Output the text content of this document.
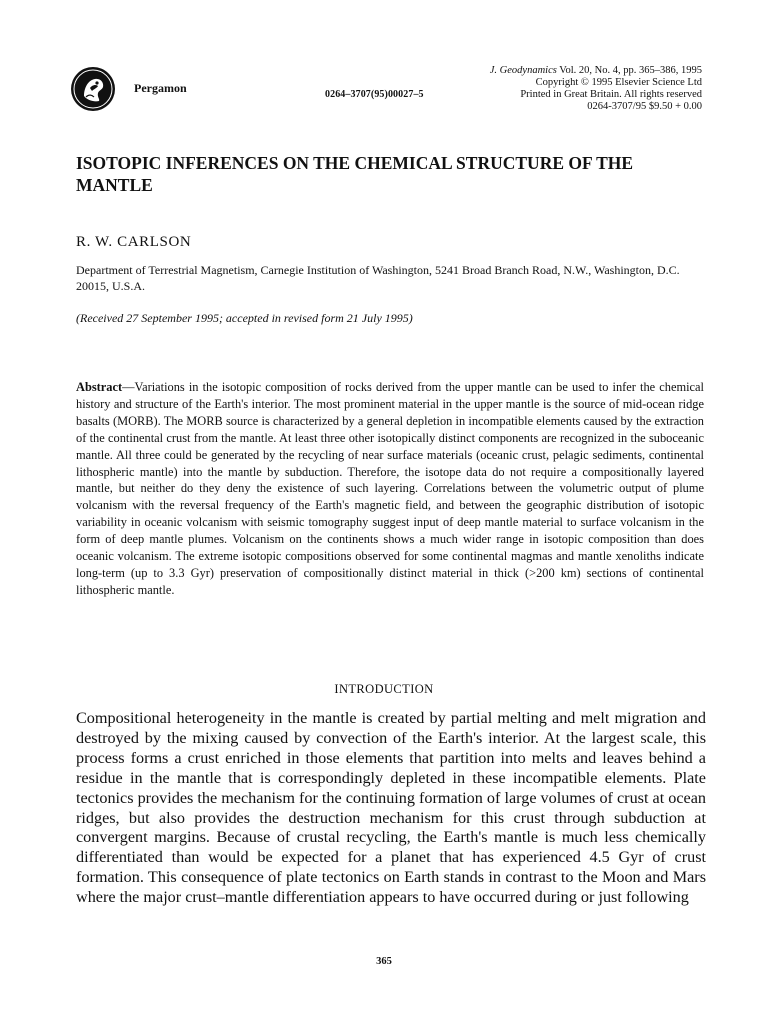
Pergamon	0264–3707(95)00027–5
J. Geodynamics Vol. 20, No. 4, pp. 365–386, 1995
Copyright © 1995 Elsevier Science Ltd
Printed in Great Britain. All rights reserved
0264-3707/95 $9.50 + 0.00
ISOTOPIC INFERENCES ON THE CHEMICAL STRUCTURE OF THE MANTLE
R. W. CARLSON
Department of Terrestrial Magnetism, Carnegie Institution of Washington, 5241 Broad Branch Road, N.W., Washington, D.C. 20015, U.S.A.
(Received 27 September 1995; accepted in revised form 21 July 1995)
Abstract—Variations in the isotopic composition of rocks derived from the upper mantle can be used to infer the chemical history and structure of the Earth's interior. The most prominent material in the upper mantle is the source of mid-ocean ridge basalts (MORB). The MORB source is characterized by a general depletion in incompatible elements caused by the extraction of the continental crust from the mantle. At least three other isotopically distinct components are recognized in the suboceanic mantle. All three could be generated by the recycling of near surface materials (oceanic crust, pelagic sediments, continental lithospheric mantle) into the mantle by subduction. Therefore, the isotope data do not require a compositionally layered mantle, but neither do they deny the existence of such layering. Correlations between the volumetric output of plume volcanism with the reversal frequency of the Earth's magnetic field, and between the geographic distribution of isotopic variability in oceanic volcanism with seismic tomography suggest input of deep mantle material to surface volcanism in the form of deep mantle plumes. Volcanism on the continents shows a much wider range in isotopic composition than does oceanic volcanism. The extreme isotopic compositions observed for some continental magmas and mantle xenoliths indicate long-term (up to 3.3 Gyr) preservation of compositionally distinct material in thick (>200 km) sections of continental lithospheric mantle.
INTRODUCTION
Compositional heterogeneity in the mantle is created by partial melting and melt migration and destroyed by the mixing caused by convection of the Earth's interior. At the largest scale, this process forms a crust enriched in those elements that partition into melts and leaves behind a residue in the mantle that is correspondingly depleted in these incompatible elements. Plate tectonics provides the mechanism for the continuing formation of large volumes of crust at ocean ridges, but also provides the destruction mechanism for this crust through subduction at convergent margins. Because of crustal recycling, the Earth's mantle is much less chemically differentiated than would be expected for a planet that has experienced 4.5 Gyr of crust formation. This consequence of plate tectonics on Earth stands in contrast to the Moon and Mars where the major crust–mantle differentiation appears to have occurred during or just following
365
